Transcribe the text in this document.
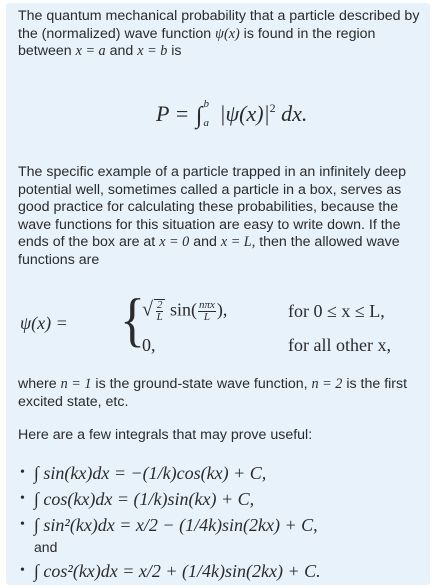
The quantum mechanical probability that a particle described by the (normalized) wave function ψ(x) is found in the region between x = a and x = b is

P = ∫ b
a $|\psi(x)|^2$ dx.

The specific example of a particle trapped in an infinitely deep potential well, sometimes called a particle in a box, serves as good practice for calculating these probabilities, because the wave functions for this situation are easy to write down. If the ends of the box are at x = 0 and x = L, then the allowed wave functions are

ψ(x) = {
√ $\frac{2}{L} \sin( \frac{\text{nπx}}{L}$ ),	for 0 ≤ x ≤ L,
0,	for all other x,

where n = 1 is the ground-state wave function, n = 2 is the first excited state, etc.

Here are a few integrals that may prove useful:

• ∫ sin(kx)dx = −(1/k)cos(kx) + C,
• ∫ cos(kx)dx = (1/k)sin(kx) + C,
• ∫ sin²(kx)dx = x/2 − (1/4k)sin(2kx) + C,
and
• ∫ cos²(kx)dx = x/2 + (1/4k)sin(2kx) + C.
